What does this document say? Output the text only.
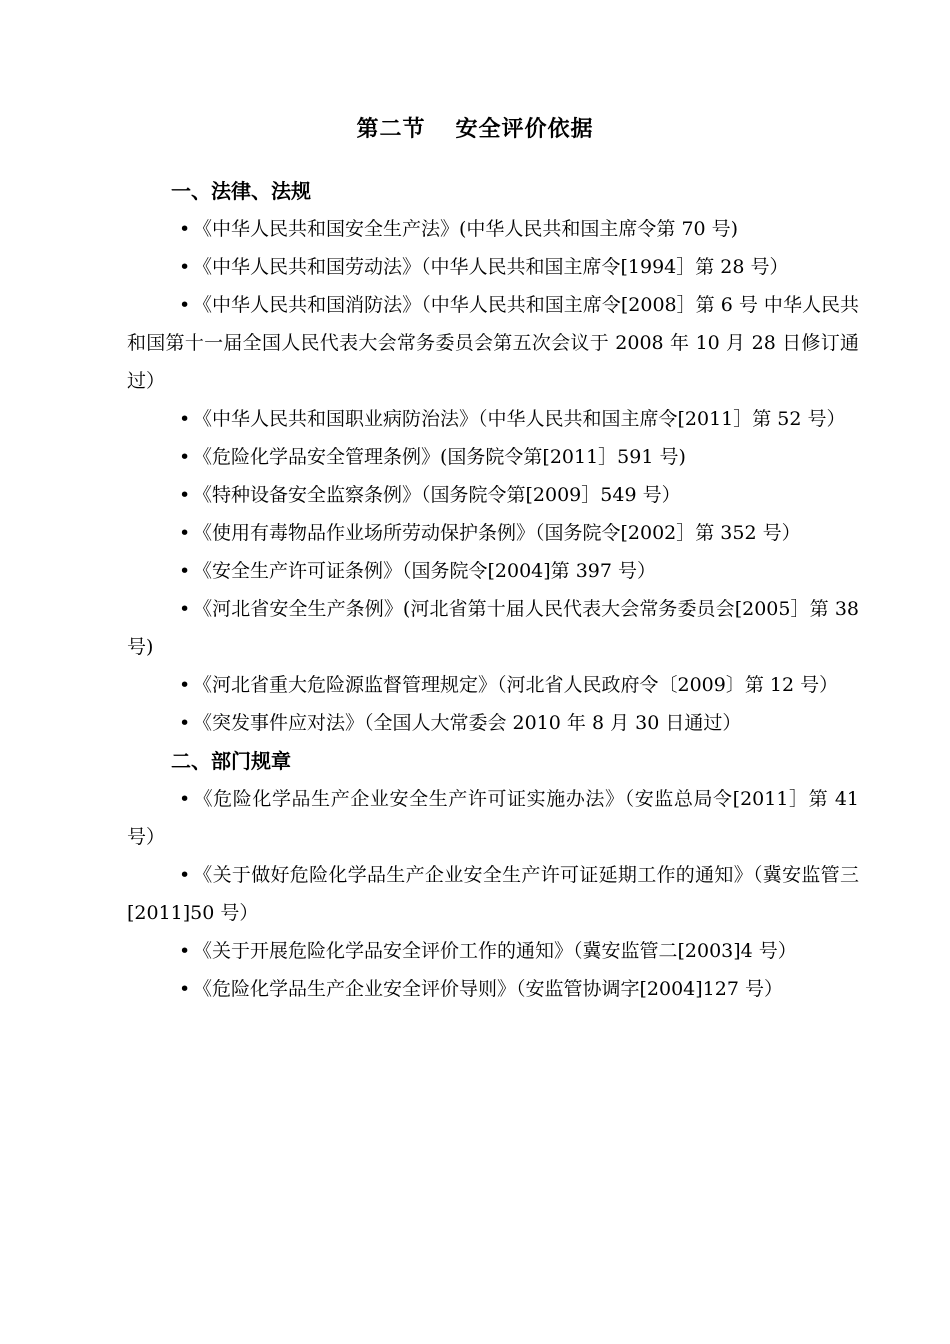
第二节 安全评价依据
一、法律、法规

• 《中华人民共和国安全生产法》(中华人民共和国主席令第 70 号)

• 《中华人民共和国劳动法》（中华人民共和国主席令[1994］第 28 号）

• 《中华人民共和国消防法》（中华人民共和国主席令[2008］第 6 号 中华人民共和国第十一届全国人民代表大会常务委员会第五次会议于 2008 年 10 月 28 日修订通过）

• 《中华人民共和国职业病防治法》（中华人民共和国主席令[2011］第 52 号）

• 《危险化学品安全管理条例》(国务院令第[2011］591 号)

• 《特种设备安全监察条例》（国务院令第[2009］549 号）

• 《使用有毒物品作业场所劳动保护条例》（国务院令[2002］第 352 号）

• 《安全生产许可证条例》（国务院令[2004]第 397 号）

• 《河北省安全生产条例》(河北省第十届人民代表大会常务委员会[2005］第 38 号)

• 《河北省重大危险源监督管理规定》（河北省人民政府令〔2009〕第 12 号）

• 《突发事件应对法》（全国人大常委会 2010 年 8 月 30 日通过）

二、部门规章

• 《危险化学品生产企业安全生产许可证实施办法》（安监总局令[2011］第 41 号）

• 《关于做好危险化学品生产企业安全生产许可证延期工作的通知》（冀安监管三[2011]50 号）

• 《关于开展危险化学品安全评价工作的通知》（冀安监管二[2003]4 号）

• 《危险化学品生产企业安全评价导则》（安监管协调字[2004]127 号）
